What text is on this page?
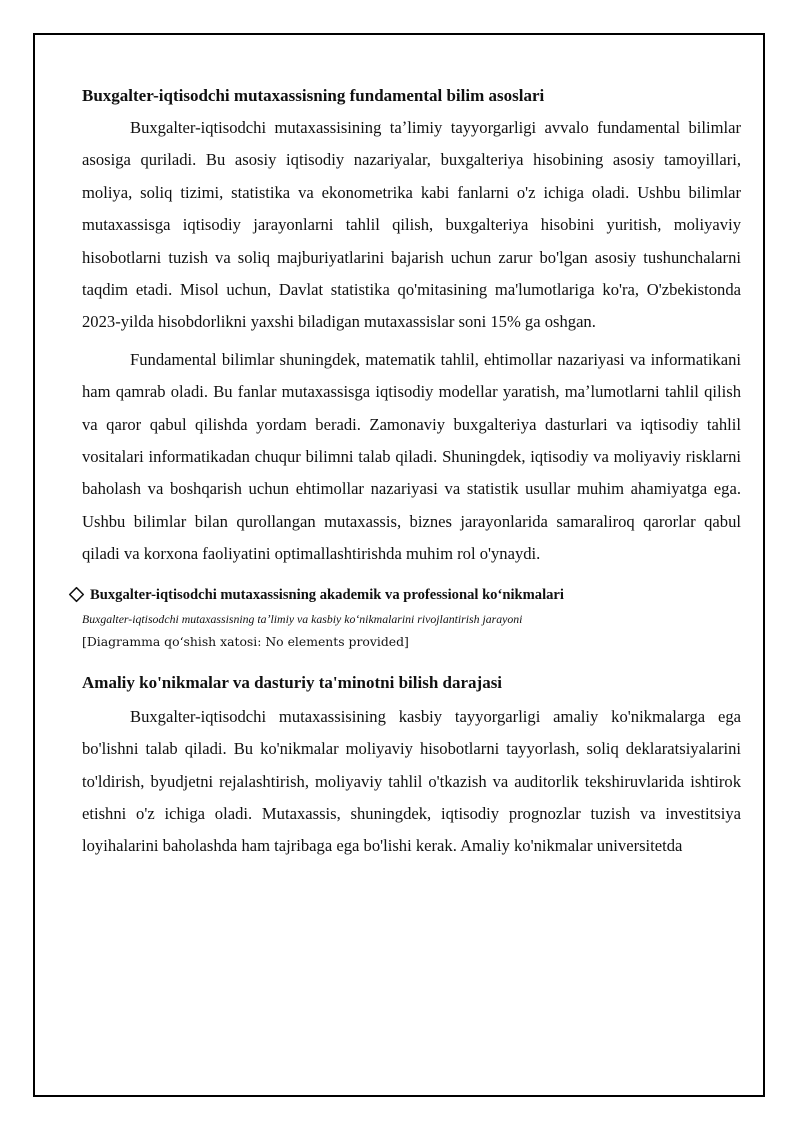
Buxgalter-iqtisodchi mutaxassisning fundamental bilim asoslari

Buxgalter-iqtisodchi mutaxassisining taʼlimiy tayyorgarligi avvalo fundamental bilimlar asosiga quriladi. Bu asosiy iqtisodiy nazariyalar, buxgalteriya hisobining asosiy tamoyillari, moliya, soliq tizimi, statistika va ekonometrika kabi fanlarni o'z ichiga oladi. Ushbu bilimlar mutaxassisga iqtisodiy jarayonlarni tahlil qilish, buxgalteriya hisobini yuritish, moliyaviy hisobotlarni tuzish va soliq majburiyatlarini bajarish uchun zarur bo'lgan asosiy tushunchalarni taqdim etadi. Misol uchun, Davlat statistika qo'mitasining ma'lumotlariga ko'ra, O'zbekistonda 2023-yilda hisobdorlikni yaxshi biladigan mutaxassislar soni 15% ga oshgan.

Fundamental bilimlar shuningdek, matematik tahlil, ehtimollar nazariyasi va informatikani ham qamrab oladi. Bu fanlar mutaxassisga iqtisodiy modellar yaratish, maʼlumotlarni tahlil qilish va qaror qabul qilishda yordam beradi. Zamonaviy buxgalteriya dasturlari va iqtisodiy tahlil vositalari informatikadan chuqur bilimni talab qiladi. Shuningdek, iqtisodiy va moliyaviy risklarni baholash va boshqarish uchun ehtimollar nazariyasi va statistik usullar muhim ahamiyatga ega. Ushbu bilimlar bilan qurollangan mutaxassis, biznes jarayonlarida samaraliroq qarorlar qabul qiladi va korxona faoliyatini optimallashtirishda muhim rol o'ynaydi.

Buxgalter-iqtisodchi mutaxassisning akademik va professional koʻnikmalari
Buxgalter-iqtisodchi mutaxassisning taʼlimiy va kasbiy koʻnikmalarini rivojlantirish jarayoni
[Diagramma qoʻshish xatosi: No elements provided]
Amaliy ko'nikmalar va dasturiy ta'minotni bilish darajasi

Buxgalter-iqtisodchi mutaxassisining kasbiy tayyorgarligi amaliy ko'nikmalarga ega bo'lishni talab qiladi. Bu ko'nikmalar moliyaviy hisobotlarni tayyorlash, soliq deklaratsiyalarini to'ldirish, byudjetni rejalashtirish, moliyaviy tahlil o'tkazish va auditorlik tekshiruvlarida ishtirok etishni o'z ichiga oladi. Mutaxassis, shuningdek, iqtisodiy prognozlar tuzish va investitsiya loyihalarini baholashda ham tajribaga ega bo'lishi kerak. Amaliy ko'nikmalar universitetda
